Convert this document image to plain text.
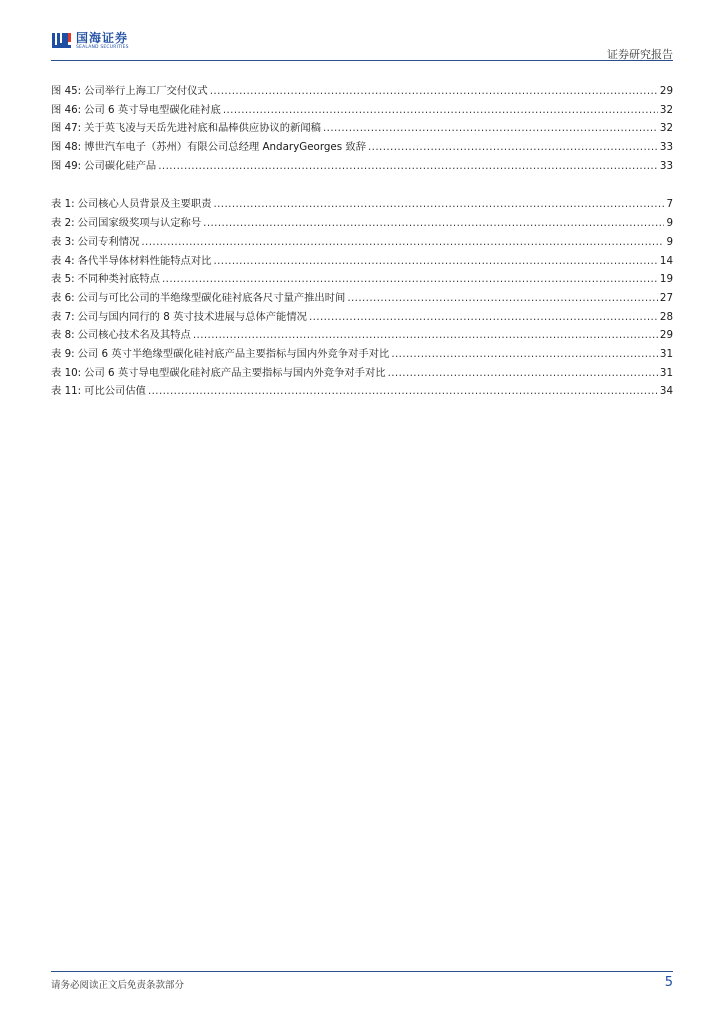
国海证券
SEALAND SECURITIES
证券研究报告
图 45: 公司举行上海工厂交付仪式 .....	29
图 46: 公司 6 英寸导电型碳化硅衬底 .....	32
图 47: 关于英飞凌与天岳先进衬底和晶棒供应协议的新闻稿 .....	32
图 48: 博世汽车电子（苏州）有限公司总经理 AndaryGeorges 致辞 .....	33
图 49: 公司碳化硅产品 .....	33
表 1: 公司核心人员背景及主要职责 .....	7
表 2: 公司国家级奖项与认定称号 .....	9
表 3: 公司专利情况 .....	9
表 4: 各代半导体材料性能特点对比 .....	14
表 5: 不同种类衬底特点 .....	19
表 6: 公司与可比公司的半绝缘型碳化硅衬底各尺寸量产推出时间 .....	27
表 7: 公司与国内同行的 8 英寸技术进展与总体产能情况 .....	28
表 8: 公司核心技术名及其特点 .....	29
表 9: 公司 6 英寸半绝缘型碳化硅衬底产品主要指标与国内外竞争对手对比 .....	31
表 10: 公司 6 英寸导电型碳化硅衬底产品主要指标与国内外竞争对手对比 .....	31
表 11: 可比公司估值 .....	34
请务必阅读正文后免责条款部分	5
